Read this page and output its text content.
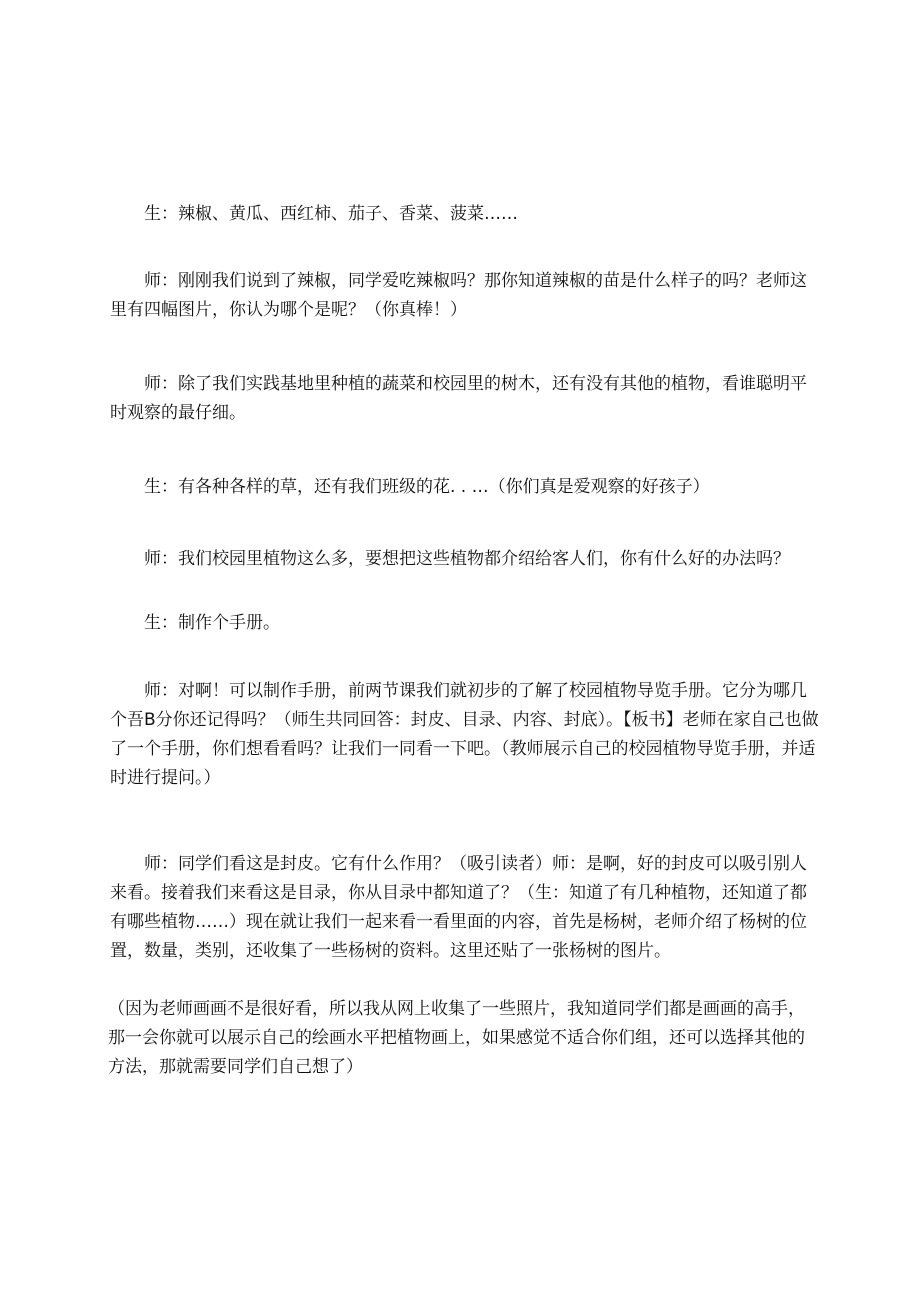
生：辣椒、黄瓜、西红柿、茄子、香菜、菠菜……

师：刚刚我们说到了辣椒，同学爱吃辣椒吗？那你知道辣椒的苗是什么样子的吗？老师这里有四幅图片，你认为哪个是呢？（你真棒！）

师：除了我们实践基地里种植的蔬菜和校园里的树木，还有没有其他的植物，看谁聪明平时观察的最仔细。

生：有各种各样的草，还有我们班级的花. . …（你们真是爱观察的好孩子）

师：我们校园里植物这么多，要想把这些植物都介绍给客人们，你有什么好的办法吗？

生：制作个手册。

师：对啊！可以制作手册，前两节课我们就初步的了解了校园植物导览手册。它分为哪几个吾B分你还记得吗？（师生共同回答：封皮、目录、内容、封底）。【板书】老师在家自己也做了一个手册，你们想看看吗？让我们一同看一下吧。（教师展示自己的校园植物导览手册，并适时进行提问。）

师：同学们看这是封皮。它有什么作用？（吸引读者）师：是啊，好的封皮可以吸引别人来看。接着我们来看这是目录，你从目录中都知道了？（生：知道了有几种植物，还知道了都有哪些植物……）现在就让我们一起来看一看里面的内容，首先是杨树，老师介绍了杨树的位置，数量，类别，还收集了一些杨树的资料。这里还贴了一张杨树的图片。

（因为老师画画不是很好看，所以我从网上收集了一些照片，我知道同学们都是画画的高手，那一会你就可以展示自己的绘画水平把植物画上，如果感觉不适合你们组，还可以选择其他的方法，那就需要同学们自己想了）
